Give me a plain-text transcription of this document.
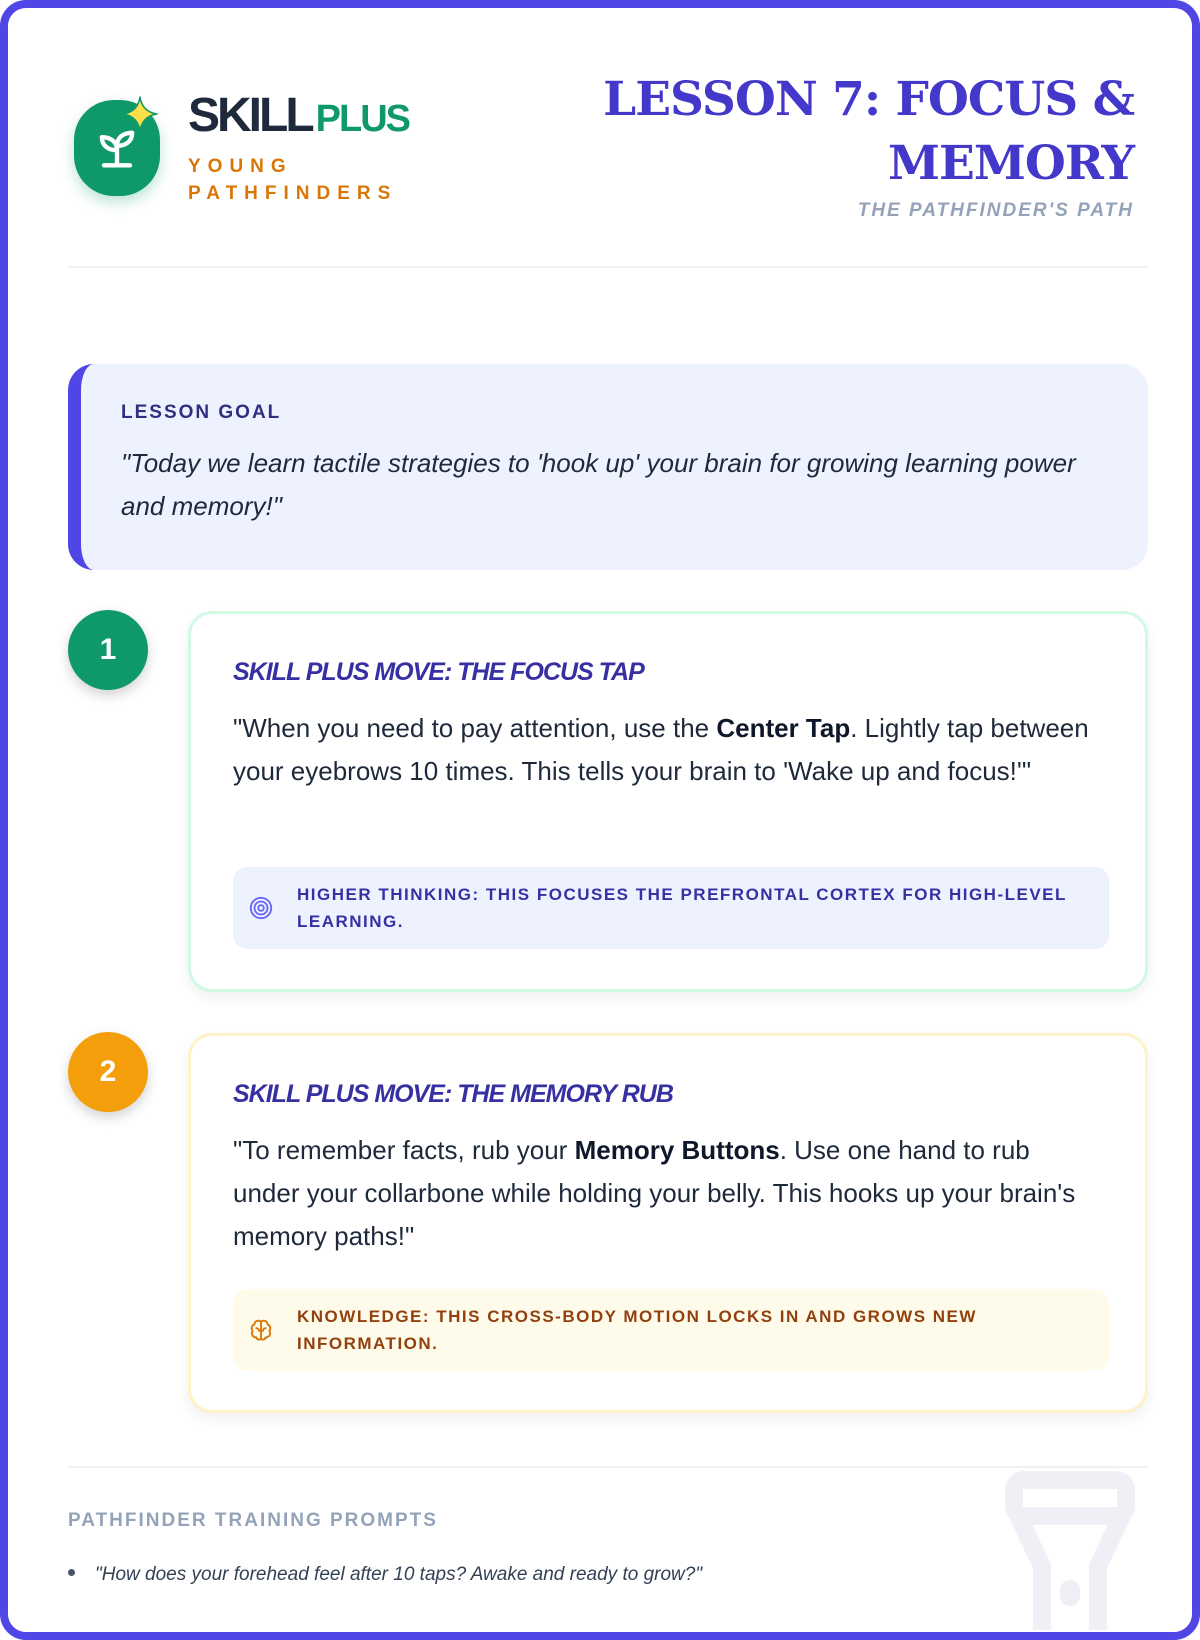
SKILL PLUS
YOUNG PATHFINDERS
LESSON 7: FOCUS & MEMORY
THE PATHFINDER'S PATH
LESSON GOAL
"Today we learn tactile strategies to 'hook up' your brain for growing learning power and memory!"
1
SKILL PLUS MOVE: THE FOCUS TAP
"When you need to pay attention, use the Center Tap. Lightly tap between your eyebrows 10 times. This tells your brain to 'Wake up and focus!'"
HIGHER THINKING: THIS FOCUSES THE PREFRONTAL CORTEX FOR HIGH-LEVEL LEARNING.
2
SKILL PLUS MOVE: THE MEMORY RUB
"To remember facts, rub your Memory Buttons. Use one hand to rub under your collarbone while holding your belly. This hooks up your brain's memory paths!"
KNOWLEDGE: THIS CROSS-BODY MOTION LOCKS IN AND GROWS NEW INFORMATION.
PATHFINDER TRAINING PROMPTS
"How does your forehead feel after 10 taps? Awake and ready to grow?"
